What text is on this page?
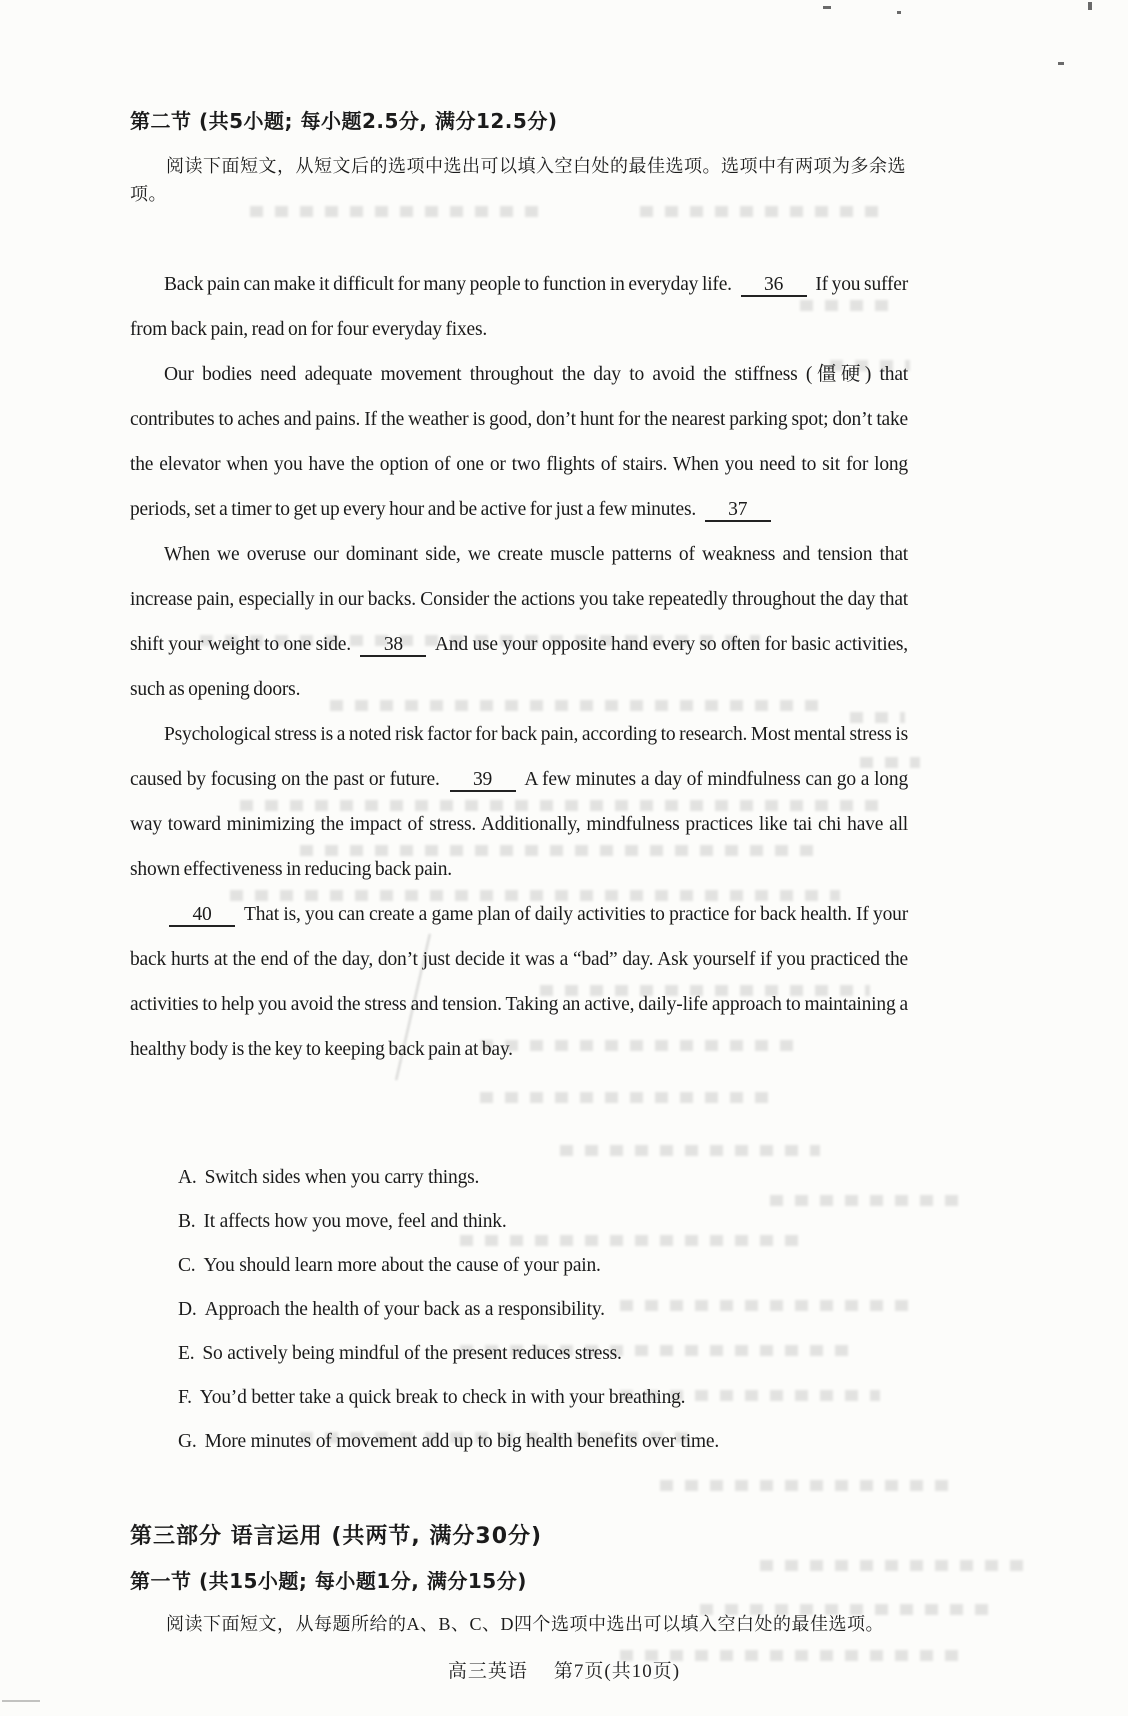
第二节 (共5小题; 每小题2.5分, 满分12.5分)
阅读下面短文，从短文后的选项中选出可以填入空白处的最佳选项。选项中有两项为多余选项。

Back pain can make it difficult for many people to function in everyday life. 36 If you suffer from back pain, read on for four everyday fixes.

Our bodies need adequate movement throughout the day to avoid the stiffness (僵硬) that contributes to aches and pains. If the weather is good, don’t hunt for the nearest parking spot; don’t take the elevator when you have the option of one or two flights of stairs. When you need to sit for long periods, set a timer to get up every hour and be active for just a few minutes. 37

When we overuse our dominant side, we create muscle patterns of weakness and tension that increase pain, especially in our backs. Consider the actions you take repeatedly throughout the day that shift your weight to one side. 38 And use your opposite hand every so often for basic activities, such as opening doors.

Psychological stress is a noted risk factor for back pain, according to research. Most mental stress is caused by focusing on the past or future. 39 A few minutes a day of mindfulness can go a long way toward minimizing the impact of stress. Additionally, mindfulness practices like tai chi have all shown effectiveness in reducing back pain.

40 That is, you can create a game plan of daily activities to practice for back health. If your back hurts at the end of the day, don’t just decide it was a “bad” day. Ask yourself if you practiced the activities to help you avoid the stress and tension. Taking an active, daily-life approach to maintaining a healthy body is the key to keeping back pain at bay.

A. Switch sides when you carry things.
B. It affects how you move, feel and think.
C. You should learn more about the cause of your pain.
D. Approach the health of your back as a responsibility.
E. So actively being mindful of the present reduces stress.
F. You’d better take a quick break to check in with your breathing.
G. More minutes of movement add up to big health benefits over time.
第三部分 语言运用 (共两节, 满分30分)
第一节 (共15小题; 每小题1分, 满分15分)
阅读下面短文，从每题所给的A、B、C、D四个选项中选出可以填入空白处的最佳选项。
高三英语 第7页(共10页)
